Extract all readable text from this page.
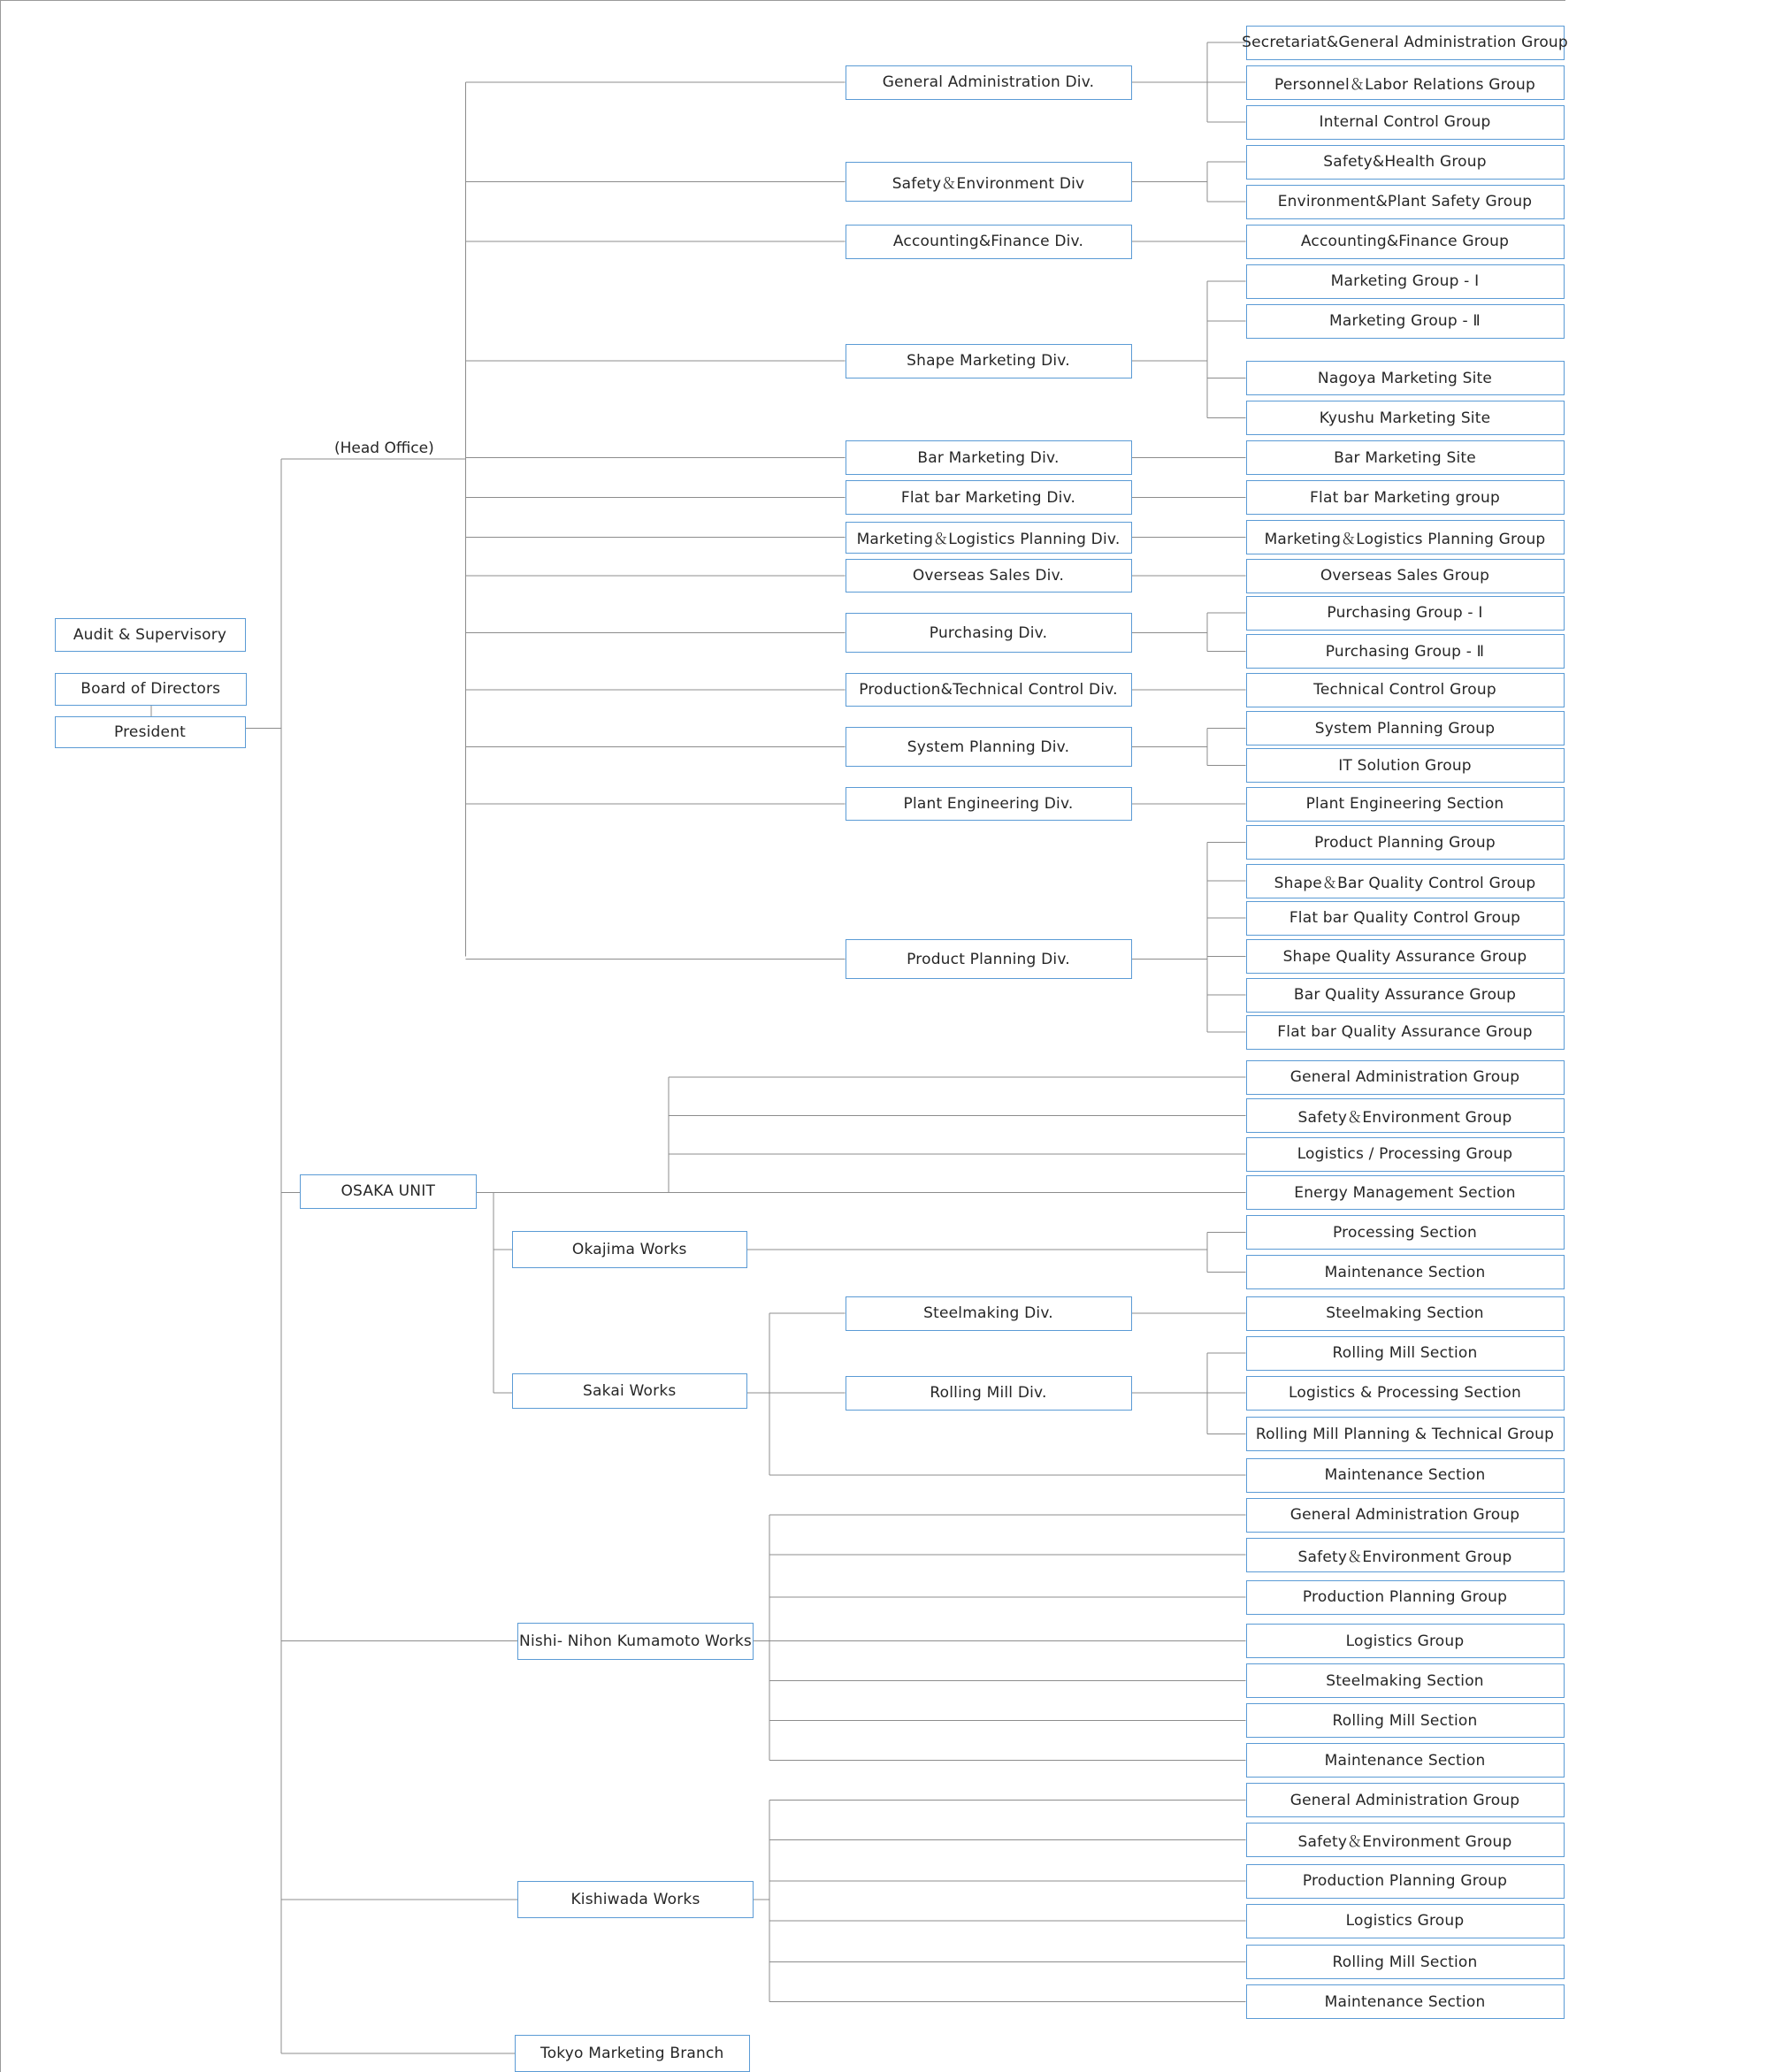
Audit & Supervisory
Board of Directors
President
(Head Office)
General Administration Div.
Secretariat&General Administration Group
Personnel＆Labor Relations Group
Internal Control Group
Safety＆Environment Div
Safety&Health Group
Environment&Plant Safety Group
Accounting&Finance Div.	Accounting&Finance Group
Shape Marketing Div.
Marketing Group - Ⅰ
Marketing Group - Ⅱ
Nagoya Marketing Site
Kyushu Marketing Site
Bar Marketing Div.	Bar Marketing Site
Flat bar Marketing Div.	Flat bar Marketing group
Marketing＆Logistics Planning Div.	Marketing＆Logistics Planning Group
Overseas Sales Div.	Overseas Sales Group
Purchasing Div.
Purchasing Group - Ⅰ
Purchasing Group - Ⅱ
Production&Technical Control Div.	Technical Control Group
System Planning Div.
System Planning Group
IT Solution Group
Plant Engineering Div.	Plant Engineering Section
Product Planning Div.
Product Planning Group
Shape＆Bar Quality Control Group
Flat bar Quality Control Group
Shape Quality Assurance Group
Bar Quality Assurance Group
Flat bar Quality Assurance Group
OSAKA UNIT
General Administration Group
Safety＆Environment Group
Logistics / Processing Group
Energy Management Section
Okajima Works
Processing Section
Maintenance Section
Sakai Works
Steelmaking Div.	Steelmaking Section
Rolling Mill Div.
Rolling Mill Section
Logistics & Processing Section
Rolling Mill Planning & Technical Group
Maintenance Section
Nishi- Nihon Kumamoto Works
General Administration Group
Safety＆Environment Group
Production Planning Group
Logistics Group
Steelmaking Section
Rolling Mill Section
Maintenance Section
Kishiwada Works
General Administration Group
Safety＆Environment Group
Production Planning Group
Logistics Group
Rolling Mill Section
Maintenance Section
Tokyo Marketing Branch
